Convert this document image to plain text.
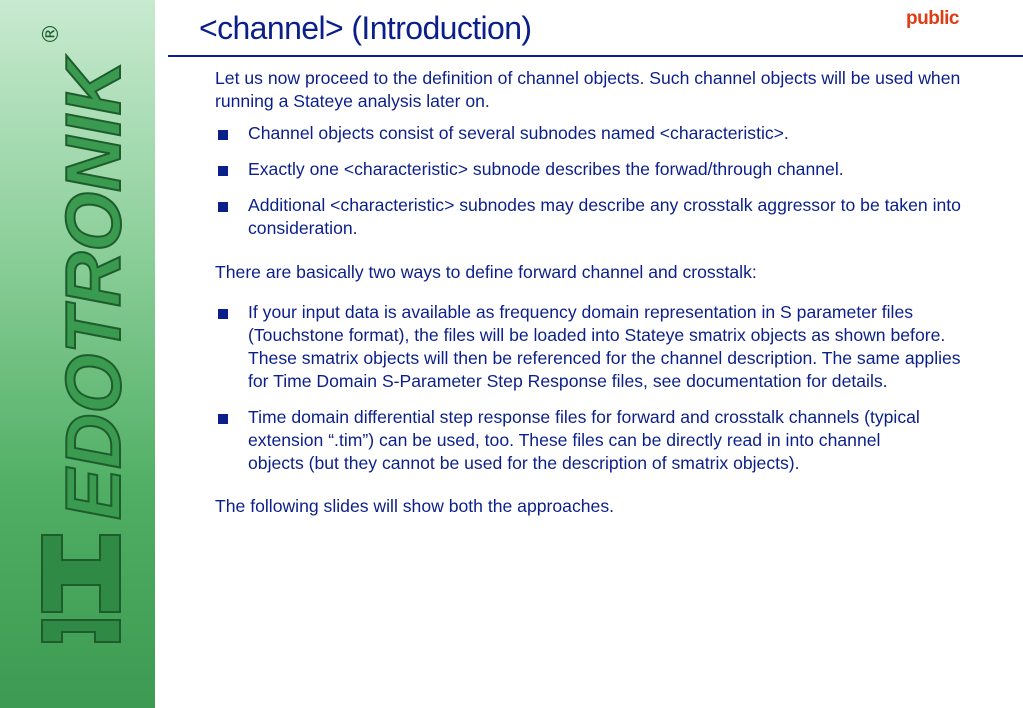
EDOTRONIK
®	<channel> (Introduction)	public

Let us now proceed to the definition of channel objects. Such channel objects will be used when running a Stateye analysis later on.

Channel objects consist of several subnodes named <characteristic>.
Exactly one <characteristic> subnode describes the forwad/through channel.
Additional <characteristic> subnodes may describe any crosstalk aggressor to be taken into consideration.

There are basically two ways to define forward channel and crosstalk:

If your input data is available as frequency domain representation in S parameter files (Touchstone format), the files will be loaded into Stateye smatrix objects as shown before. These smatrix objects will then be referenced for the channel description. The same applies for Time Domain S-Parameter Step Response files, see documentation for details.
Time domain differential step response files for forward and crosstalk channels (typical extension “.tim”) can be used, too. These files can be directly read in into channel objects (but they cannot be used for the description of smatrix objects).

The following slides will show both the approaches.
